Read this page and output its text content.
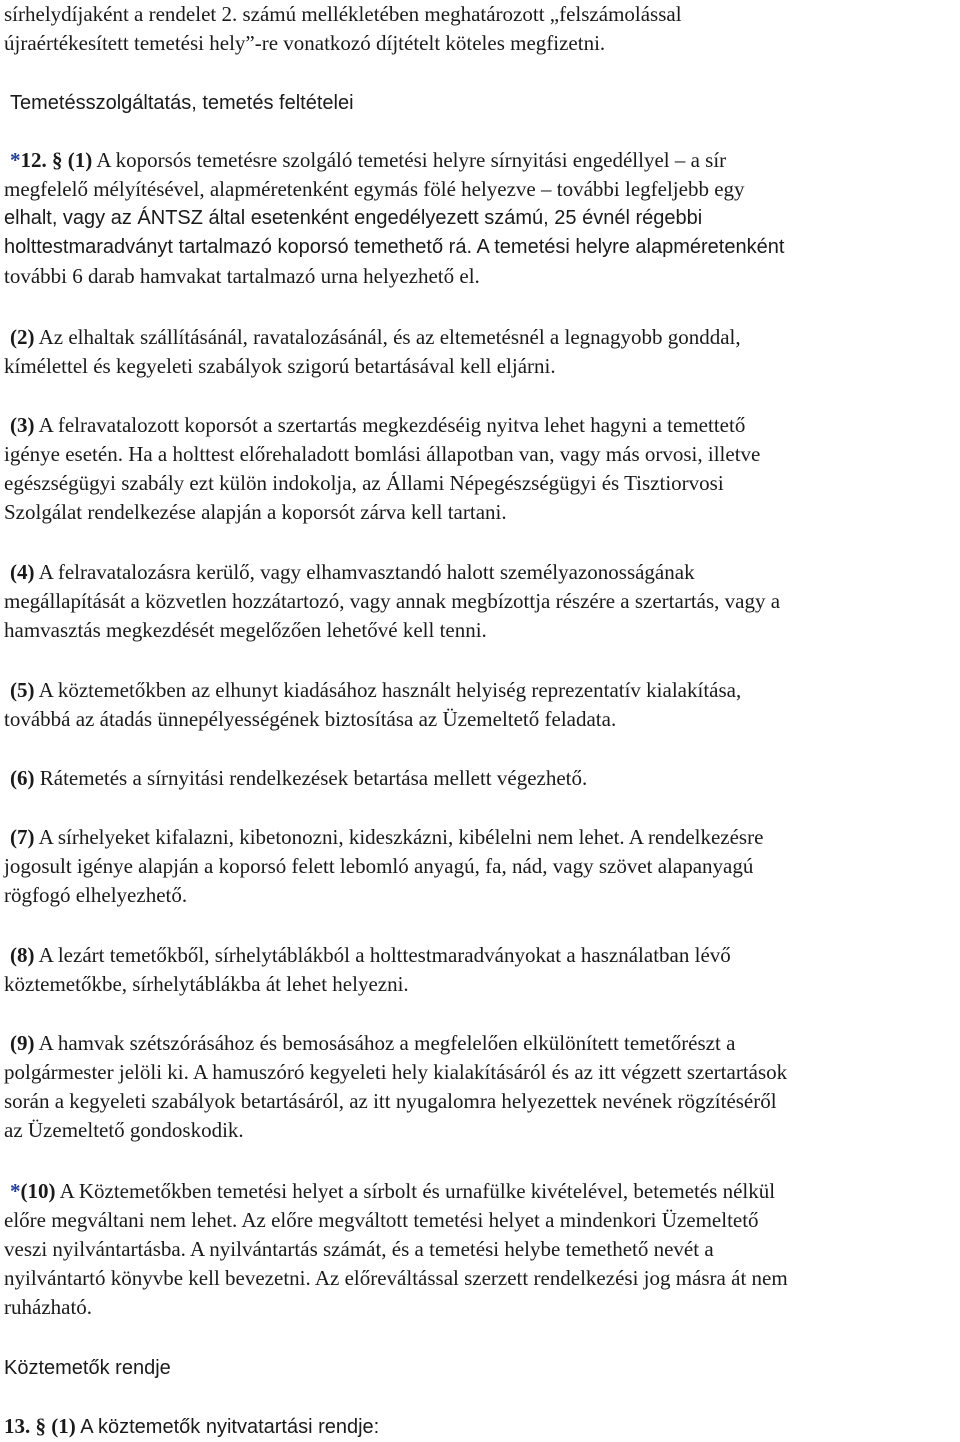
sírhelydíjaként a rendelet 2. számú mellékletében meghatározott „felszámolással
újraértékesített temetési hely”-re vonatkozó díjtételt köteles megfizetni.
Temetésszolgáltatás, temetés feltételei
*12. § (1) A koporsós temetésre szolgáló temetési helyre sírnyitási engedéllyel – a sír
megfelelő mélyítésével, alapméretenként egymás fölé helyezve – további legfeljebb egy
elhalt, vagy az ÁNTSZ által esetenként engedélyezett számú, 25 évnél régebbi
holttestmaradványt tartalmazó koporsó temethető rá. A temetési helyre alapméretenként
további 6 darab hamvakat tartalmazó urna helyezhető el.
(2) Az elhaltak szállításánál, ravatalozásánál, és az eltemetésnél a legnagyobb gonddal,
kímélettel és kegyeleti szabályok szigorú betartásával kell eljárni.
(3) A felravatalozott koporsót a szertartás megkezdéséig nyitva lehet hagyni a temettető
igénye esetén. Ha a holttest előrehaladott bomlási állapotban van, vagy más orvosi, illetve
egészségügyi szabály ezt külön indokolja, az Állami Népegészségügyi és Tisztiorvosi
Szolgálat rendelkezése alapján a koporsót zárva kell tartani.
(4) A felravatalozásra kerülő, vagy elhamvasztandó halott személyazonosságának
megállapítását a közvetlen hozzátartozó, vagy annak megbízottja részére a szertartás, vagy a
hamvasztás megkezdését megelőzően lehetővé kell tenni.
(5) A köztemetőkben az elhunyt kiadásához használt helyiség reprezentatív kialakítása,
továbbá az átadás ünnepélyességének biztosítása az Üzemeltető feladata.
(6) Rátemetés a sírnyitási rendelkezések betartása mellett végezhető.
(7) A sírhelyeket kifalazni, kibetonozni, kideszkázni, kibélelni nem lehet. A rendelkezésre
jogosult igénye alapján a koporsó felett lebomló anyagú, fa, nád, vagy szövet alapanyagú
rögfogó elhelyezhető.
(8) A lezárt temetőkből, sírhelytáblákból a holttestmaradványokat a használatban lévő
köztemetőkbe, sírhelytáblákba át lehet helyezni.
(9) A hamvak szétszórásához és bemosásához a megfelelően elkülönített temetőrészt a
polgármester jelöli ki. A hamuszóró kegyeleti hely kialakításáról és az itt végzett szertartások
során a kegyeleti szabályok betartásáról, az itt nyugalomra helyezettek nevének rögzítéséről
az Üzemeltető gondoskodik.
*(10) A Köztemetőkben temetési helyet a sírbolt és urnafülke kivételével, betemetés nélkül
előre megváltani nem lehet. Az előre megváltott temetési helyet a mindenkori Üzemeltető
veszi nyilvántartásba. A nyilvántartás számát, és a temetési helybe temethető nevét a
nyilvántartó könyvbe kell bevezetni. Az előreváltással szerzett rendelkezési jog másra át nem
ruházható.
Köztemetők rendje
13. § (1) A köztemetők nyitvatartási rendje:
